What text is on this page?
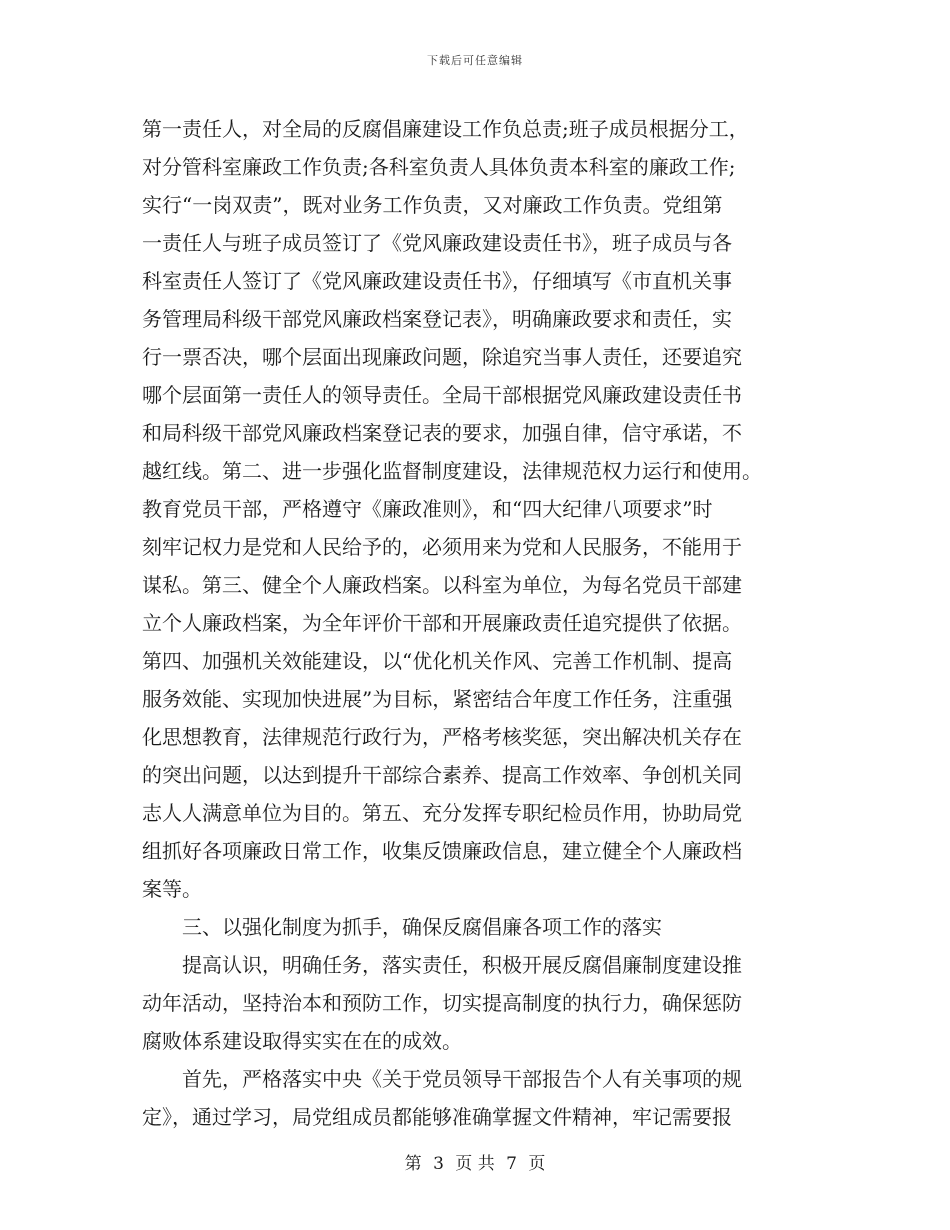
下载后可任意编辑
第一责任人，对全局的反腐倡廉建设工作负总责;班子成员根据分工，
对分管科室廉政工作负责;各科室负责人具体负责本科室的廉政工作;
实行“一岗双责”，既对业务工作负责，又对廉政工作负责。党组第
一责任人与班子成员签订了《党风廉政建设责任书》，班子成员与各
科室责任人签订了《党风廉政建设责任书》，仔细填写《市直机关事
务管理局科级干部党风廉政档案登记表》，明确廉政要求和责任，实
行一票否决，哪个层面出现廉政问题，除追究当事人责任，还要追究
哪个层面第一责任人的领导责任。全局干部根据党风廉政建设责任书
和局科级干部党风廉政档案登记表的要求，加强自律，信守承诺，不
越红线。第二、进一步强化监督制度建设，法律规范权力运行和使用。
教育党员干部，严格遵守《廉政准则》，和“四大纪律八项要求”时
刻牢记权力是党和人民给予的，必须用来为党和人民服务，不能用于
谋私。第三、健全个人廉政档案。以科室为单位，为每名党员干部建
立个人廉政档案，为全年评价干部和开展廉政责任追究提供了依据。
第四、加强机关效能建设，以“优化机关作风、完善工作机制、提高
服务效能、实现加快进展”为目标，紧密结合年度工作任务，注重强
化思想教育，法律规范行政行为，严格考核奖惩，突出解决机关存在
的突出问题，以达到提升干部综合素养、提高工作效率、争创机关同
志人人满意单位为目的。第五、充分发挥专职纪检员作用，协助局党
组抓好各项廉政日常工作，收集反馈廉政信息，建立健全个人廉政档
案等。
三、以强化制度为抓手，确保反腐倡廉各项工作的落实
提高认识，明确任务，落实责任，积极开展反腐倡廉制度建设推
动年活动，坚持治本和预防工作，切实提高制度的执行力，确保惩防
腐败体系建设取得实实在在的成效。
首先，严格落实中央《关于党员领导干部报告个人有关事项的规
定》，通过学习，局党组成员都能够准确掌握文件精神，牢记需要报
第 3 页 共 7 页
